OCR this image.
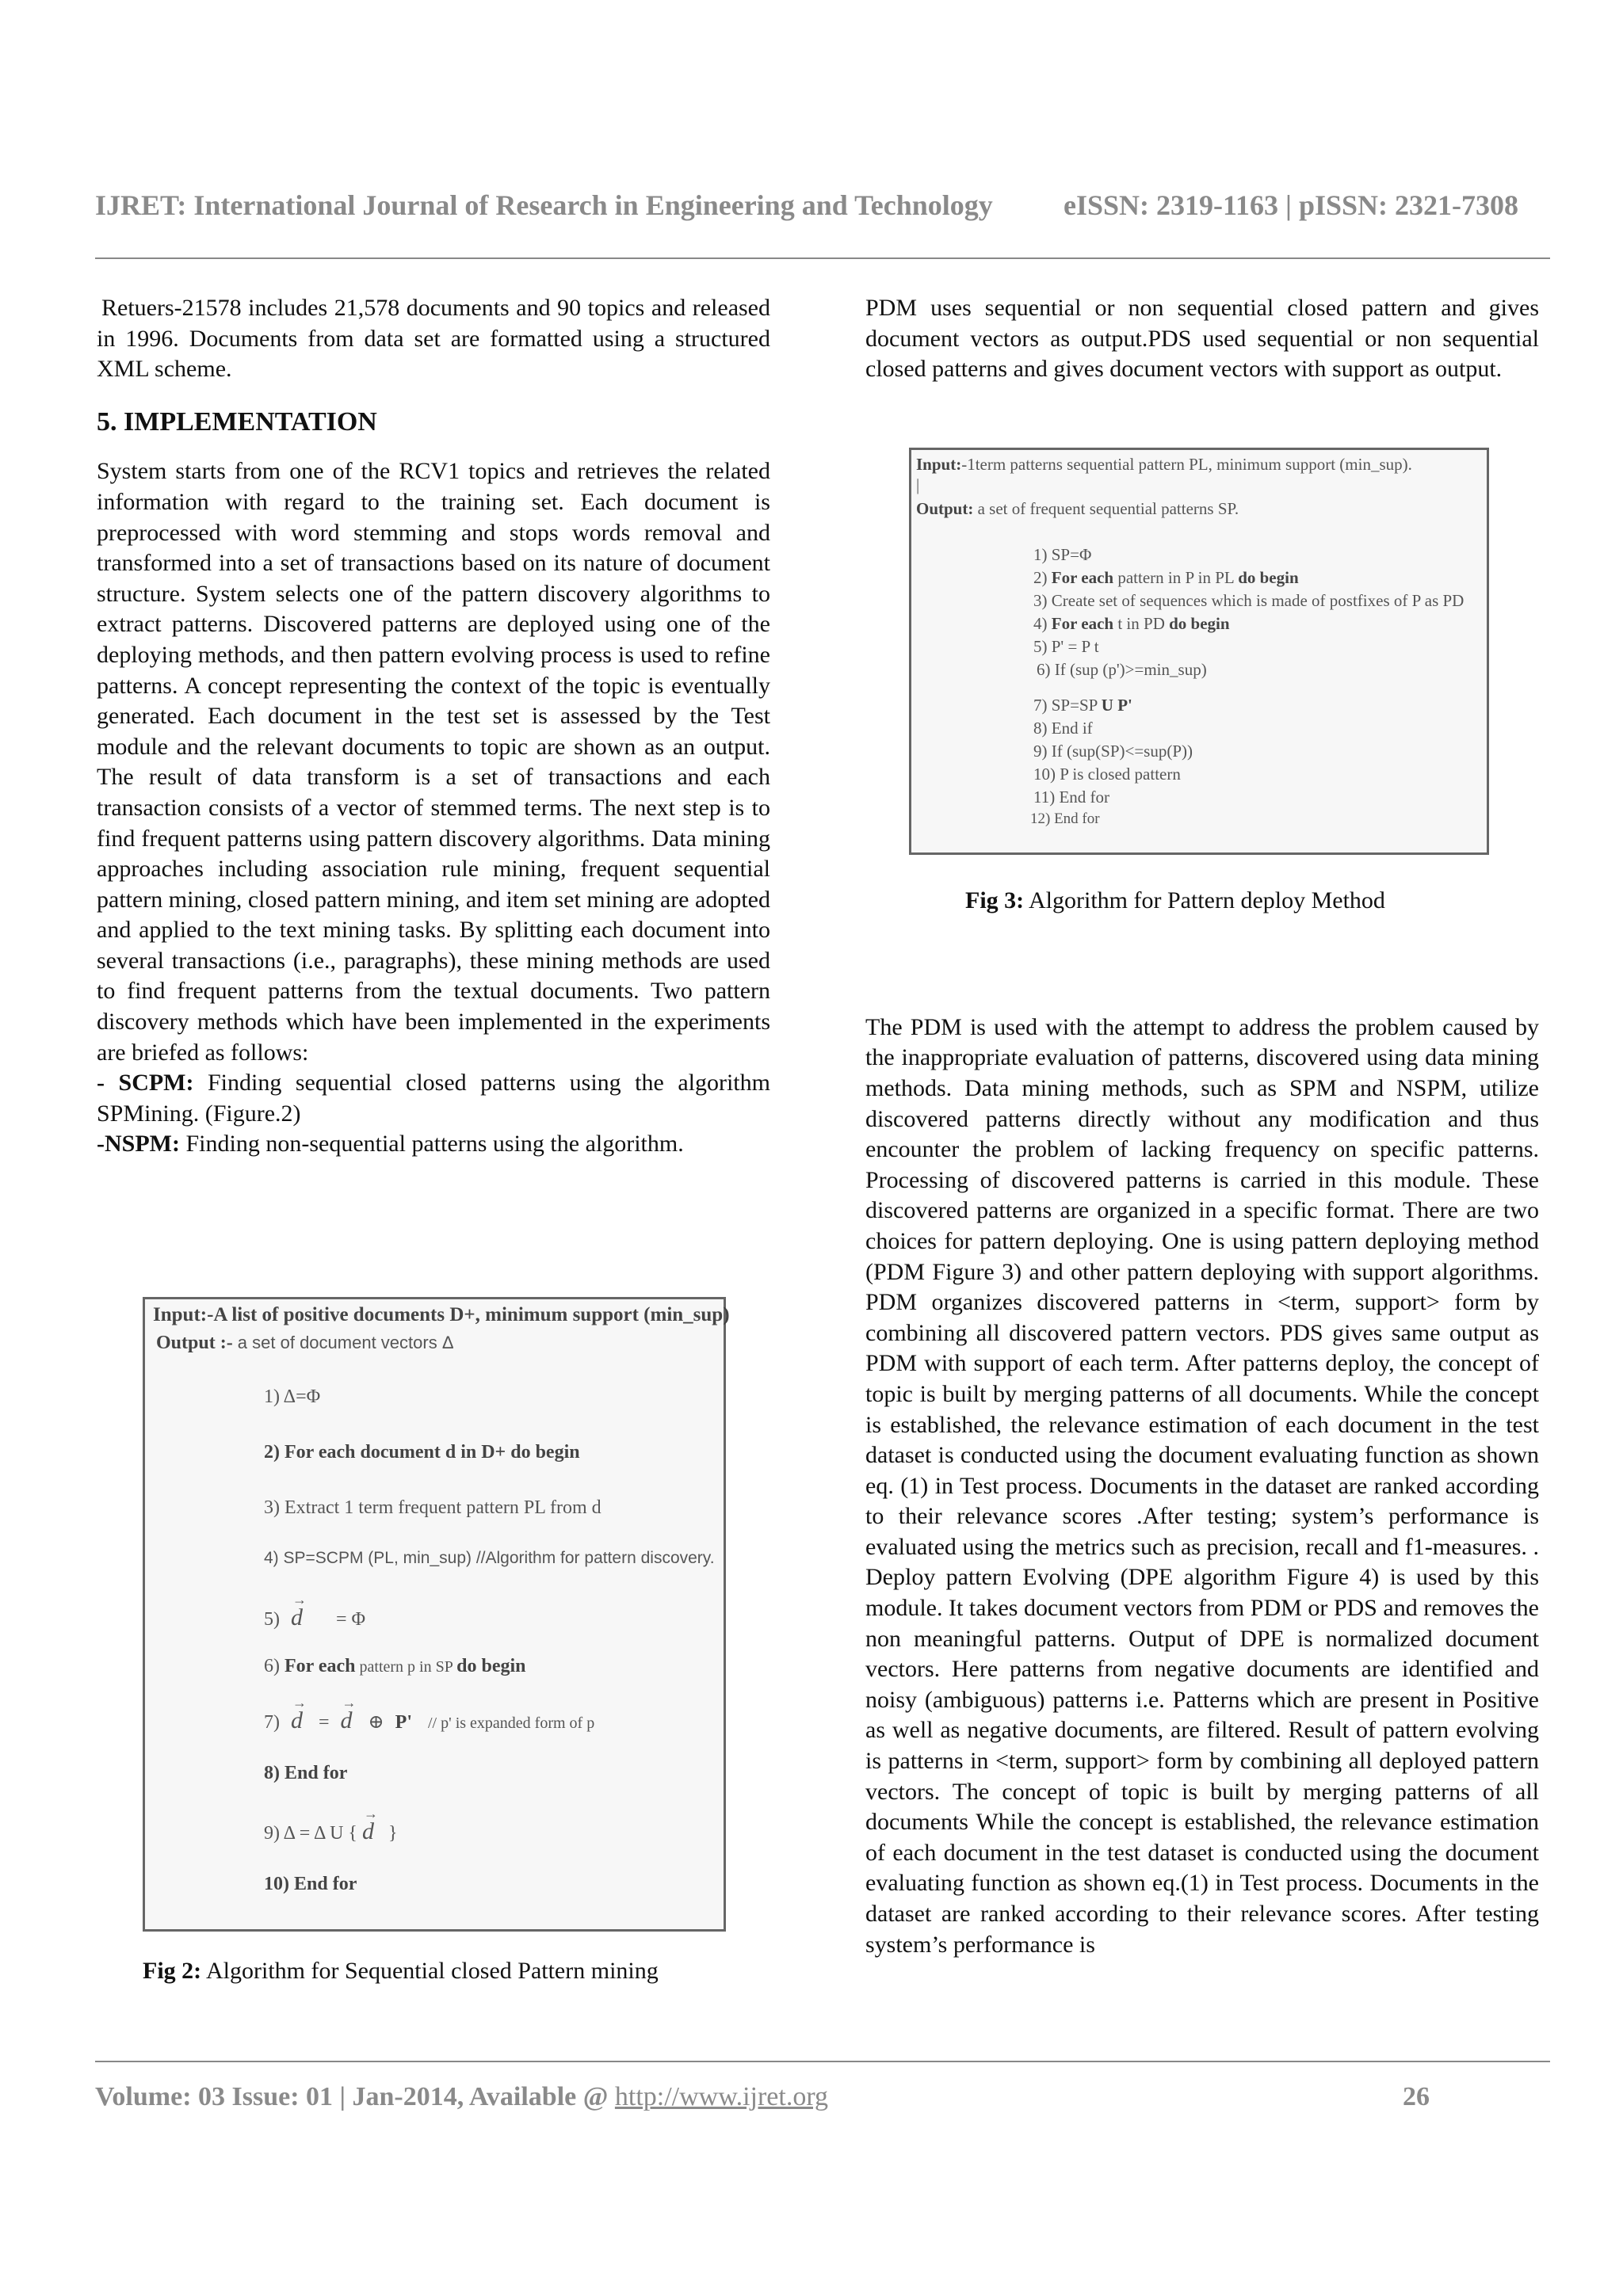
IJRET: International Journal of Research in Engineering and Technology eISSN: 2319-1163 | pISSN: 2321-7308

Retuers-21578 includes 21,578 documents and 90 topics and released in 1996. Documents from data set are formatted using a structured XML scheme.

5. IMPLEMENTATION

System starts from one of the RCV1 topics and retrieves the related information with regard to the training set. Each document is preprocessed with word stemming and stops words removal and transformed into a set of transactions based on its nature of document structure. System selects one of the pattern discovery algorithms to extract patterns. Discovered patterns are deployed using one of the deploying methods, and then pattern evolving process is used to refine patterns. A concept representing the context of the topic is eventually generated. Each document in the test set is assessed by the Test module and the relevant documents to topic are shown as an output. The result of data transform is a set of transactions and each transaction consists of a vector of stemmed terms. The next step is to find frequent patterns using pattern discovery algorithms. Data mining approaches including association rule mining, frequent sequential pattern mining, closed pattern mining, and item set mining are adopted and applied to the text mining tasks. By splitting each document into several transactions (i.e., paragraphs), these mining methods are used to find frequent patterns from the textual documents. Two pattern discovery methods which have been implemented in the experiments are briefed as follows:

- SCPM: Finding sequential closed patterns using the algorithm SPMining. (Figure.2)

-NSPM: Finding non-sequential patterns using the algorithm.

Input:-A list of positive documents D+, minimum support (min_sup)
Output :- a set of document vectors Δ
1) Δ=Φ
2) For each document d in D+ do begin
3) Extract 1 term frequent pattern PL from d
4) SP=SCPM (PL, min_sup) //Algorithm for pattern discovery.
5) → d = Φ
6) For each pattern p in SP do begin
7) → d = → d ⊕ P' // p' is expanded form of p
8) End for
9) Δ = Δ U { → d }
10) End for
Fig 2: Algorithm for Sequential closed Pattern mining

PDM uses sequential or non sequential closed pattern and gives document vectors as output.PDS used sequential or non sequential closed patterns and gives document vectors with support as output.

The PDM is used with the attempt to address the problem caused by the inappropriate evaluation of patterns, discovered using data mining methods. Data mining methods, such as SPM and NSPM, utilize discovered patterns directly without any modification and thus encounter the problem of lacking frequency on specific patterns. Processing of discovered patterns is carried in this module. These discovered patterns are organized in a specific format. There are two choices for pattern deploying. One is using pattern deploying method (PDM Figure 3) and other pattern deploying with support algorithms. PDM organizes discovered patterns in <term, support> form by combining all discovered pattern vectors. PDS gives same output as PDM with support of each term. After patterns deploy, the concept of topic is built by merging patterns of all documents. While the concept is established, the relevance estimation of each document in the test dataset is conducted using the document evaluating function as shown eq. (1) in Test process. Documents in the dataset are ranked according to their relevance scores .After testing; system’s performance is evaluated using the metrics such as precision, recall and f1-measures. . Deploy pattern Evolving (DPE algorithm Figure 4) is used by this module. It takes document vectors from PDM or PDS and removes the non meaningful patterns. Output of DPE is normalized document vectors. Here patterns from negative documents are identified and noisy (ambiguous) patterns i.e. Patterns which are present in Positive as well as negative documents, are filtered. Result of pattern evolving is patterns in <term, support> form by combining all deployed pattern vectors. The concept of topic is built by merging patterns of all documents While the concept is established, the relevance estimation of each document in the test dataset is conducted using the document evaluating function as shown eq.(1) in Test process. Documents in the dataset are ranked according to their relevance scores. After testing system’s performance is

Input:-1term patterns sequential pattern PL, minimum support (min_sup).
|
Output: a set of frequent sequential patterns SP.
1) SP=Φ
2) For each pattern in P in PL do begin
3) Create set of sequences which is made of postfixes of P as PD
4) For each t in PD do begin
5) P' = P t
6) If (sup (p')>=min_sup)
7) SP=SP U P'
8) End if
9) If (sup(SP)<=sup(P))
10) P is closed pattern
11) End for
12) End for
Fig 3: Algorithm for Pattern deploy Method
Volume: 03 Issue: 01 | Jan-2014, Available @ http://www.ijret.org	26
